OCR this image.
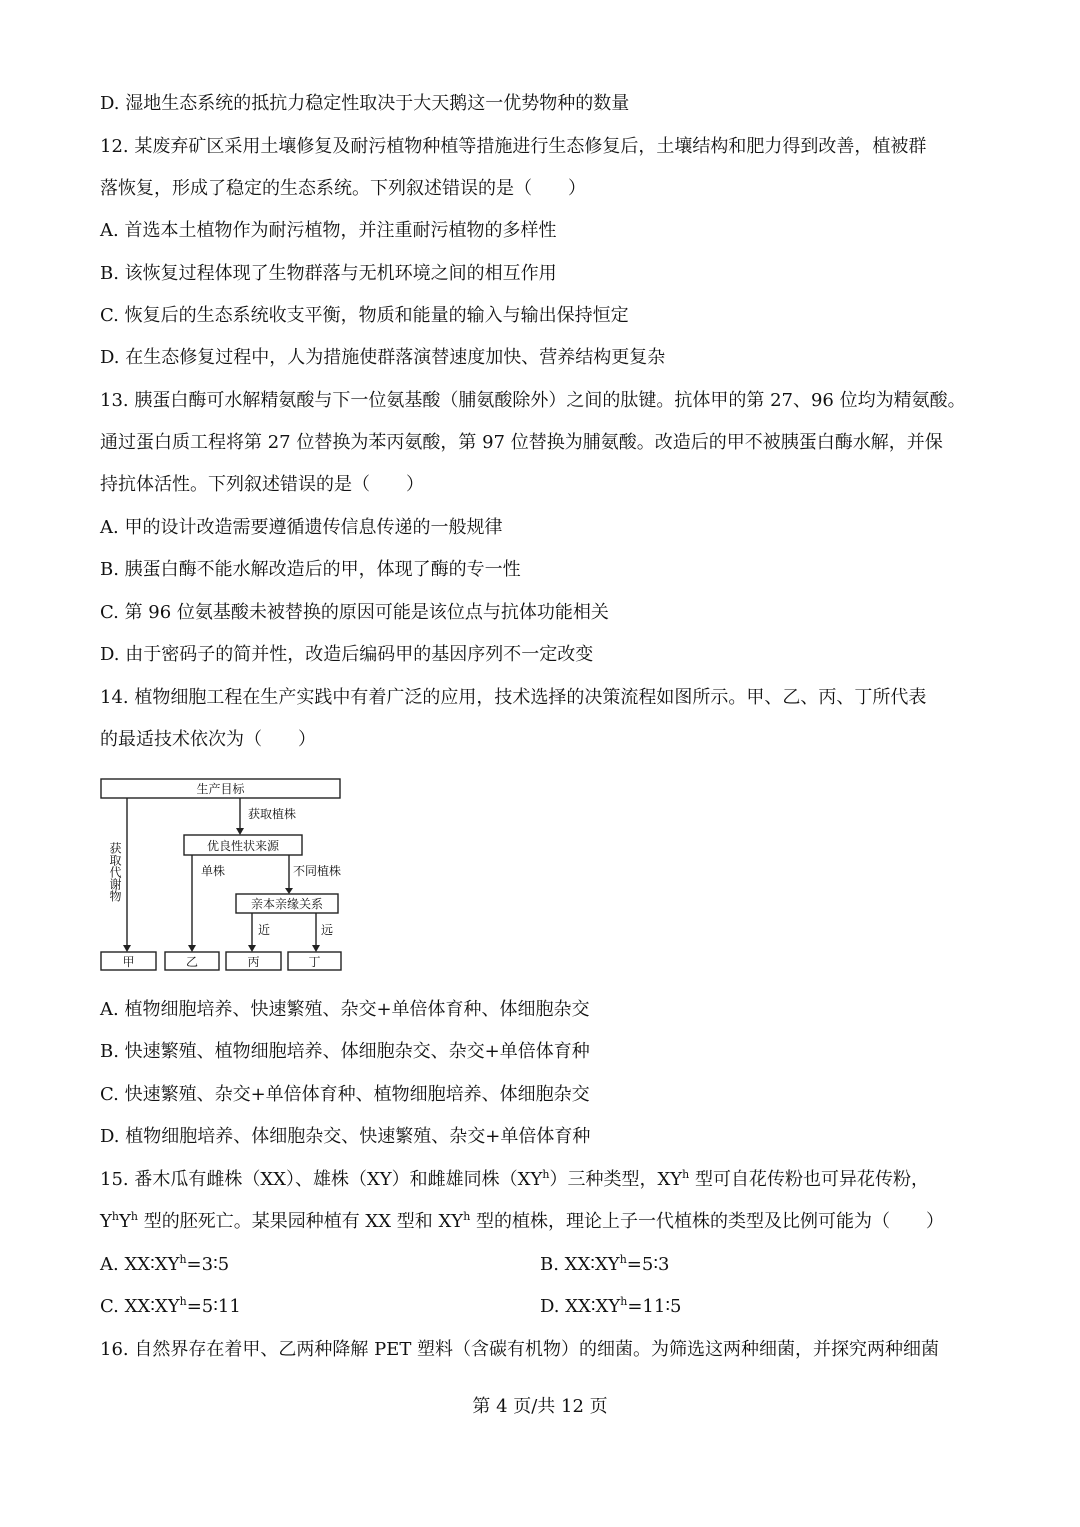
D. 湿地生态系统的抵抗力稳定性取决于大天鹅这一优势物种的数量
12. 某废弃矿区采用土壤修复及耐污植物种植等措施进行生态修复后，土壤结构和肥力得到改善，植被群
落恢复，形成了稳定的生态系统。下列叙述错误的是（　　）
A. 首选本土植物作为耐污植物，并注重耐污植物的多样性
B. 该恢复过程体现了生物群落与无机环境之间的相互作用
C. 恢复后的生态系统收支平衡，物质和能量的输入与输出保持恒定
D. 在生态修复过程中，人为措施使群落演替速度加快、营养结构更复杂
13. 胰蛋白酶可水解精氨酸与下一位氨基酸（脯氨酸除外）之间的肽键。抗体甲的第 27、96 位均为精氨酸。
通过蛋白质工程将第 27 位替换为苯丙氨酸，第 97 位替换为脯氨酸。改造后的甲不被胰蛋白酶水解，并保
持抗体活性。下列叙述错误的是（　　）
A. 甲的设计改造需要遵循遗传信息传递的一般规律
B. 胰蛋白酶不能水解改造后的甲，体现了酶的专一性
C. 第 96 位氨基酸未被替换的原因可能是该位点与抗体功能相关
D. 由于密码子的简并性，改造后编码甲的基因序列不一定改变
14. 植物细胞工程在生产实践中有着广泛的应用，技术选择的决策流程如图所示。甲、乙、丙、丁所代表
的最适技术依次为（　　）
生产目标
获取植株
优良性状来源
单株	不同植株
亲本亲缘关系
近	远
获取代谢物
甲	乙	丙	丁
A. 植物细胞培养、快速繁殖、杂交+单倍体育种、体细胞杂交
B. 快速繁殖、植物细胞培养、体细胞杂交、杂交+单倍体育种
C. 快速繁殖、杂交+单倍体育种、植物细胞培养、体细胞杂交
D. 植物细胞培养、体细胞杂交、快速繁殖、杂交+单倍体育种
15. 番木瓜有雌株（XX）、雄株（XY）和雌雄同株$(XY^h)$三种类型，$XY^h$ 型可自花传粉也可异花传粉，
$Y^hY^h$ 型的胚死亡。某果园种植有 XX 型和 $XY^h$ 型的植株，理论上子一代植株的类型及比例可能为（　　）
A. $XX∶XY^h=3∶5$	B. $XX∶XY^h=5∶3$
C. $XX∶XY^h=5∶11$	D. $XX∶XY^h=11∶5$
16. 自然界存在着甲、乙两种降解 PET 塑料（含碳有机物）的细菌。为筛选这两种细菌，并探究两种细菌
第 4 页/共 12 页
